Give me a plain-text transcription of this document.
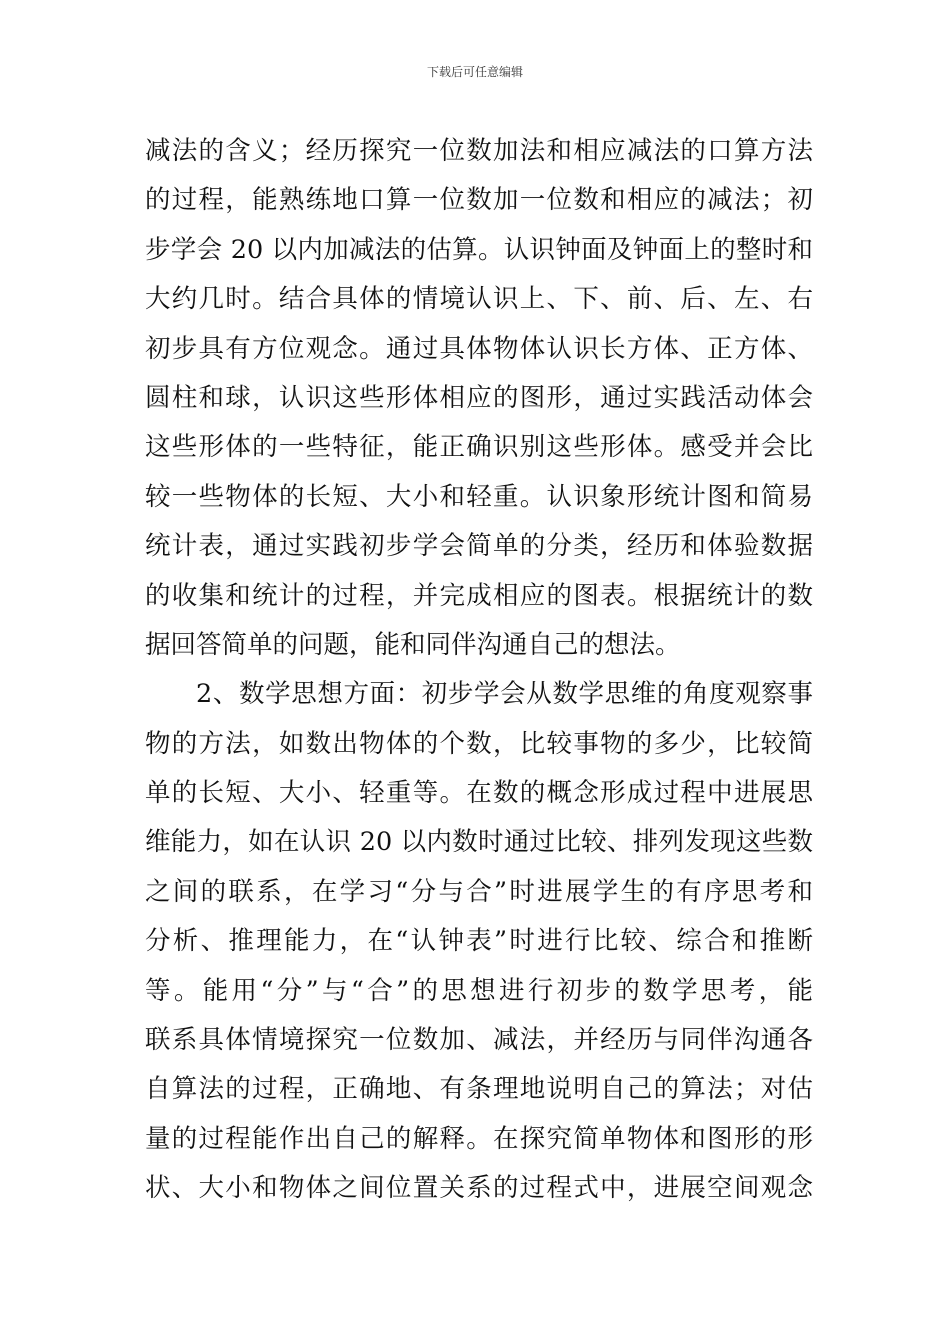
下载后可任意编辑
减法的含义；经历探究一位数加法和相应减法的口算方法
的过程，能熟练地口算一位数加一位数和相应的减法；初
步学会 20 以内加减法的估算。认识钟面及钟面上的整时和
大约几时。结合具体的情境认识上、下、前、后、左、右
初步具有方位观念。通过具体物体认识长方体、正方体、
圆柱和球，认识这些形体相应的图形，通过实践活动体会
这些形体的一些特征，能正确识别这些形体。感受并会比
较一些物体的长短、大小和轻重。认识象形统计图和简易
统计表，通过实践初步学会简单的分类，经历和体验数据
的收集和统计的过程，并完成相应的图表。根据统计的数
据回答简单的问题，能和同伴沟通自己的想法。
2、数学思想方面：初步学会从数学思维的角度观察事
物的方法，如数出物体的个数，比较事物的多少，比较简
单的长短、大小、轻重等。在数的概念形成过程中进展思
维能力，如在认识 20 以内数时通过比较、排列发现这些数
之间的联系，在学习“分与合”时进展学生的有序思考和
分析、推理能力，在“认钟表”时进行比较、综合和推断
等。能用“分”与“合”的思想进行初步的数学思考，能
联系具体情境探究一位数加、减法，并经历与同伴沟通各
自算法的过程，正确地、有条理地说明自己的算法；对估
量的过程能作出自己的解释。在探究简单物体和图形的形
状、大小和物体之间位置关系的过程式中，进展空间观念
